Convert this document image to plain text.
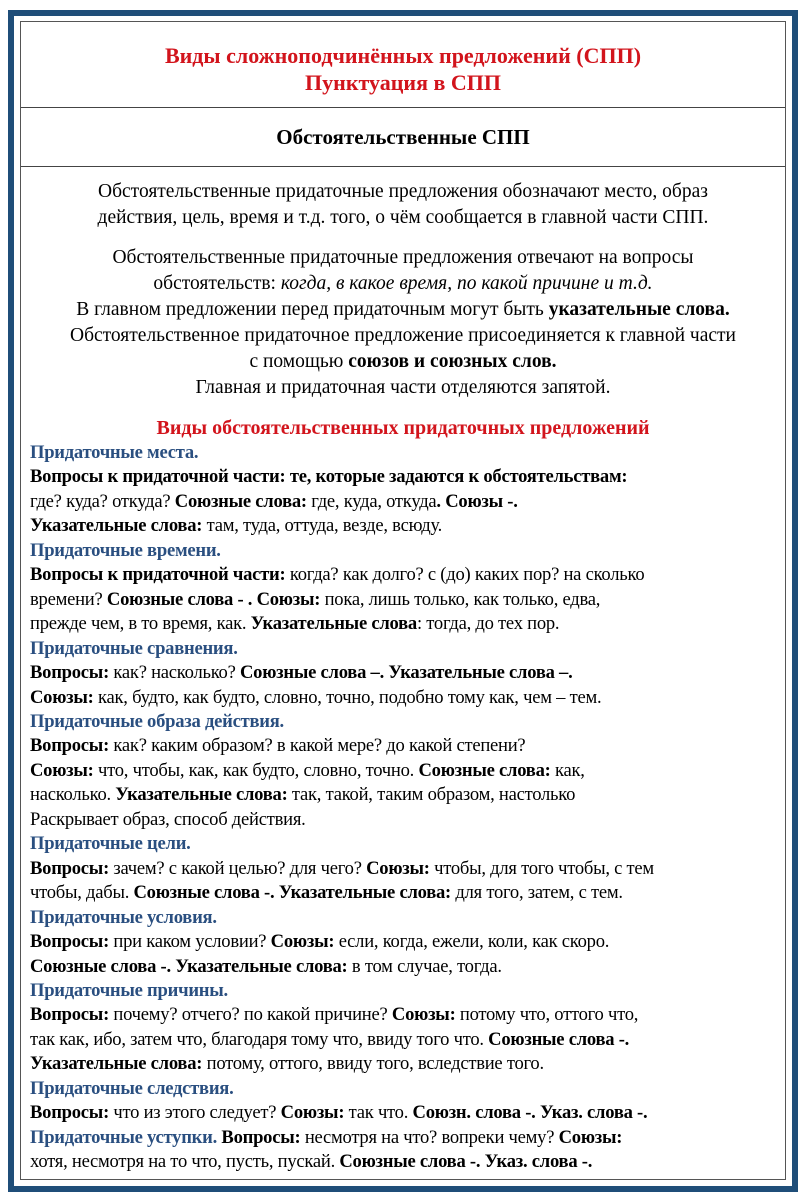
Виды сложноподчинённых предложений (СПП)
Пунктуация в СПП
Обстоятельственные СПП
Обстоятельственные придаточные предложения обозначают место, образ
действия, цель, время и т.д. того, о чём сообщается в главной части СПП.
Обстоятельственные придаточные предложения отвечают на вопросы
обстоятельств: когда, в какое время, по какой причине и т.д.
В главном предложении перед придаточным могут быть указательные слова.
Обстоятельственное придаточное предложение присоединяется к главной части
с помощью союзов и союзных слов.
Главная и придаточная части отделяются запятой.
Виды обстоятельственных придаточных предложений
Придаточные места.
Вопросы к придаточной части: те, которые задаются к обстоятельствам:
где? куда? откуда? Союзные слова: где, куда, откуда. Союзы -.
Указательные слова: там, туда, оттуда, везде, всюду.
Придаточные времени.
Вопросы к придаточной части: когда? как долго? с (до) каких пор? на сколько
времени? Союзные слова - . Союзы: пока, лишь только, как только, едва,
прежде чем, в то время, как. Указательные слова: тогда, до тех пор.
Придаточные сравнения.
Вопросы: как? насколько? Союзные слова –. Указательные слова –.
Союзы: как, будто, как будто, словно, точно, подобно тому как, чем – тем.
Придаточные образа действия.
Вопросы: как? каким образом? в какой мере? до какой степени?
Союзы: что, чтобы, как, как будто, словно, точно. Союзные слова: как,
насколько. Указательные слова: так, такой, таким образом, настолько
Раскрывает образ, способ действия.
Придаточные цели.
Вопросы: зачем? с какой целью? для чего? Союзы: чтобы, для того чтобы, с тем
чтобы, дабы. Союзные слова -. Указательные слова: для того, затем, с тем.
Придаточные условия.
Вопросы: при каком условии? Союзы: если, когда, ежели, коли, как скоро.
Союзные слова -. Указательные слова: в том случае, тогда.
Придаточные причины.
Вопросы: почему? отчего? по какой причине? Союзы: потому что, оттого что,
так как, ибо, затем что, благодаря тому что, ввиду того что. Союзные слова -.
Указательные слова: потому, оттого, ввиду того, вследствие того.
Придаточные следствия.
Вопросы: что из этого следует? Союзы: так что. Союзн. слова -. Указ. слова -.
Придаточные уступки. Вопросы: несмотря на что? вопреки чему? Союзы:
хотя, несмотря на то что, пусть, пускай. Союзные слова -. Указ. слова -.
